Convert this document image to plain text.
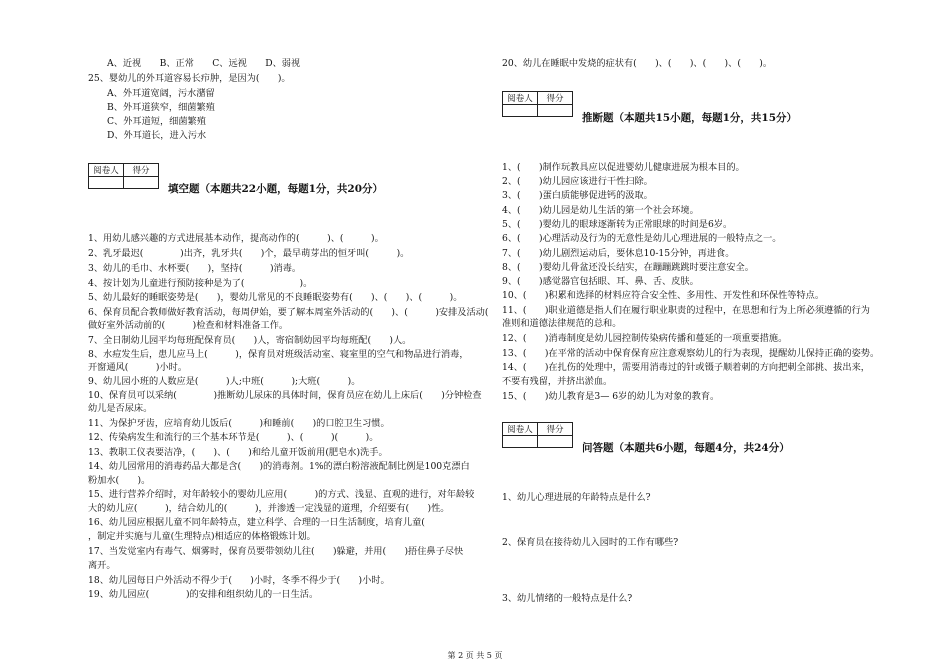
A、近视　　B、正常　　C、远视　　D、弱视
25、婴幼儿的外耳道容易长疖肿，是因为(　　)。
A、外耳道宽阔，污水潴留
B、外耳道狭窄，细菌繁殖
C、外耳道短，细菌繁殖
D、外耳道长，进入污水
阅卷人	得分

填空题（本题共22小题，每题1分，共20分）
1、用幼儿感兴趣的方式进展基本动作，提高动作的(　　　)、(　　　)。
2、乳牙最迟(　　　　)出齐，乳牙共(　　)个，最早萌芽出的恒牙叫(　　　)。
3、幼儿的毛巾、水杯要(　　)，坚持(　　　)消毒。
4、按计划为儿童进行预防接种是为了(　　　　　　)。
5、幼儿最好的睡眠姿势是(　　)，婴幼儿常见的不良睡眠姿势有(　　)、(　　)、(　　　)。
6、保育员配合教师做好教育活动，每周伊始，要了解本周室外活动的(　　)、(　　　)安排及活动(
做好室外活动前的(　　　)检查和材料准备工作。
7、全日制幼儿园平均每班配保育员(　　)人，寄宿制幼园平均每班配(　　)人。
8、水痘发生后，患儿应马上(　　　)，保育员对班级活动室、寝室里的空气和物品进行消毒，
开窗通风(　　　)小时。
9、幼儿园小班的人数应是(　　　)人;中班(　　　);大班(　　　)。
10、保育员可以采纳(　　　　)推断幼儿尿床的具体时间，保育员应在幼儿上床后(　　)分钟检查
幼儿是否尿床。
11、为保护牙齿，应培育幼儿饭后(　　　)和睡前(　　)的口腔卫生习惯。
12、传染病发生和流行的三个基本环节是(　　　)、(　　　)(　　　)。
13、教职工仪表要洁净，(　　)、(　　)和给儿童开饭前用(肥皂水)洗手。
14、幼儿园常用的消毒药品大都是含(　　)的消毒剂。1%的漂白粉溶液配制比例是100克漂白
粉加水(　　)。
15、进行营养介绍时，对年龄较小的婴幼儿应用(　　　)的方式、浅显、直观的进行，对年龄较
大的幼儿应(　　　)，结合幼儿的(　　　)，并渗透一定浅显的道理，介绍要有(　　)性。
16、幼儿园应根据儿童不同年龄特点，建立科学、合理的一日生活制度，培育儿童(
，制定并实施与儿童(生理特点)相适应的体格锻炼计划。
17、当发觉室内有毒气、烟雾时，保育员要带领幼儿往(　　)躲避，并用(　　)捂住鼻子尽快
离开。
18、幼儿园每日户外活动不得少于(　　)小时，冬季不得少于(　　)小时。
19、幼儿园应(　　　　)的安排和组织幼儿的一日生活。
20、幼儿在睡眠中发烧的症状有(　　)、(　　)、(　　)、(　　)。
阅卷人	得分

推断题（本题共15小题，每题1分，共15分）
1、(　　)制作玩教具应以促进婴幼儿健康进展为根本目的。
2、(　　)幼儿园应该进行干性扫除。
3、(　　)蛋白质能够促进钙的汲取。
4、(　　)幼儿园是幼儿生活的第一个社会环境。
5、(　　)婴幼儿的眼球逐渐转为正常眼球的时间是6岁。
6、(　　)心理活动及行为的无意性是幼儿心理进展的一般特点之一。
7、(　　)幼儿剧烈运动后，要休息10-15分钟，再进食。
8、(　　)婴幼儿骨盆还没长结实，在蹦蹦跳跳时要注意安全。
9、(　　)感觉器官包括眼、耳、鼻、舌、皮肤。
10、(　　)积累和选择的材料应符合安全性、多用性、开发性和环保性等特点。
11、(　　)职业道德是指人们在履行职业职责的过程中，在思想和行为上所必须遵循的行为
准则和道德法律规范的总和。
12、(　　)消毒制度是幼儿园控制传染病传播和蔓延的一项重要措施。
13、(　　)在平常的活动中保育保育应注意观察幼儿的行为表现，提醒幼儿保持正确的姿势。
14、(　　)在扎伤的处理中，需要用消毒过的针或镊子顺着刺的方向把刺全部挑、拔出来，
不要有残留，并挤出淤血。
15、(　　)幼儿教育是3— 6岁的幼儿为对象的教育。
阅卷人	得分

问答题（本题共6小题，每题4分，共24分）
1、幼儿心理进展的年龄特点是什么?
2、保育员在接待幼儿入园时的工作有哪些?
3、幼儿情绪的一般特点是什么?
第 2 页 共 5 页
